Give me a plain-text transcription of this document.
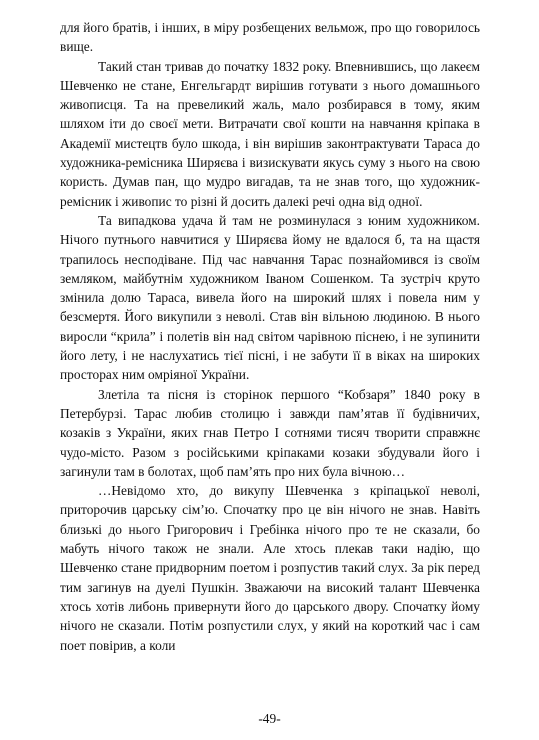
для його братів, і інших, в міру розбещених вельмож, про що говорилось вище.

Такий стан тривав до початку 1832 року. Впевнившись, що лакеєм Шевченко не стане, Енгельгардт вирішив готувати з нього домашнього живописця. Та на превеликий жаль, мало розбирався в тому, яким шляхом іти до своєї мети. Витрачати свої кошти на навчання кріпака в Академії мистецтв було шкода, і він вирішив законтрактувати Тараса до художника-ремісника Ширяєва і визискувати якусь суму з нього на свою користь. Думав пан, що мудро вигадав, та не знав того, що художник-ремісник і живопис то різні й досить далекі речі одна від одної.

Та випадкова удача й там не розминулася з юним художником. Нічого путнього навчитися у Ширяєва йому не вдалося б, та на щастя трапилось несподіване. Під час навчання Тарас познайомився із своїм земляком, майбутнім художником Іваном Сошенком. Та зустріч круто змінила долю Тараса, вивела його на широкий шлях і повела ним у безсмертя. Його викупили з неволі. Став він вільною людиною. В нього виросли “крила” і полетів він над світом чарівною піснею, і не зупинити його лету, і не наслухатись тієї пісні, і не забути її в віках на широких просторах ним омріяної України.

Злетіла та пісня із сторінок першого “Кобзаря” 1840 року в Петербурзі. Тарас любив столицю і завжди пам’ятав її будівничих, козаків з України, яких гнав Петро І сотнями тисяч творити справжнє чудо-місто. Разом з російськими кріпаками козаки збудували його і загинули там в болотах, щоб пам’ять про них була вічною…

…Невідомо хто, до викупу Шевченка з кріпацької неволі, приторочив царську сім’ю. Спочатку про це він нічого не знав. Навіть близькі до нього Григорович і Гребінка нічого про те не сказали, бо мабуть нічого також не знали. Але хтось плекав таки надію, що Шевченко стане придворним поетом і розпустив такий слух. За рік перед тим загинув на дуелі Пушкін. Зважаючи на високий талант Шевченка хтось хотів либонь привернути його до царського двору. Спочатку йому нічого не сказали. Потім розпустили слух, у який на короткий час і сам поет повірив, а коли

-49-
